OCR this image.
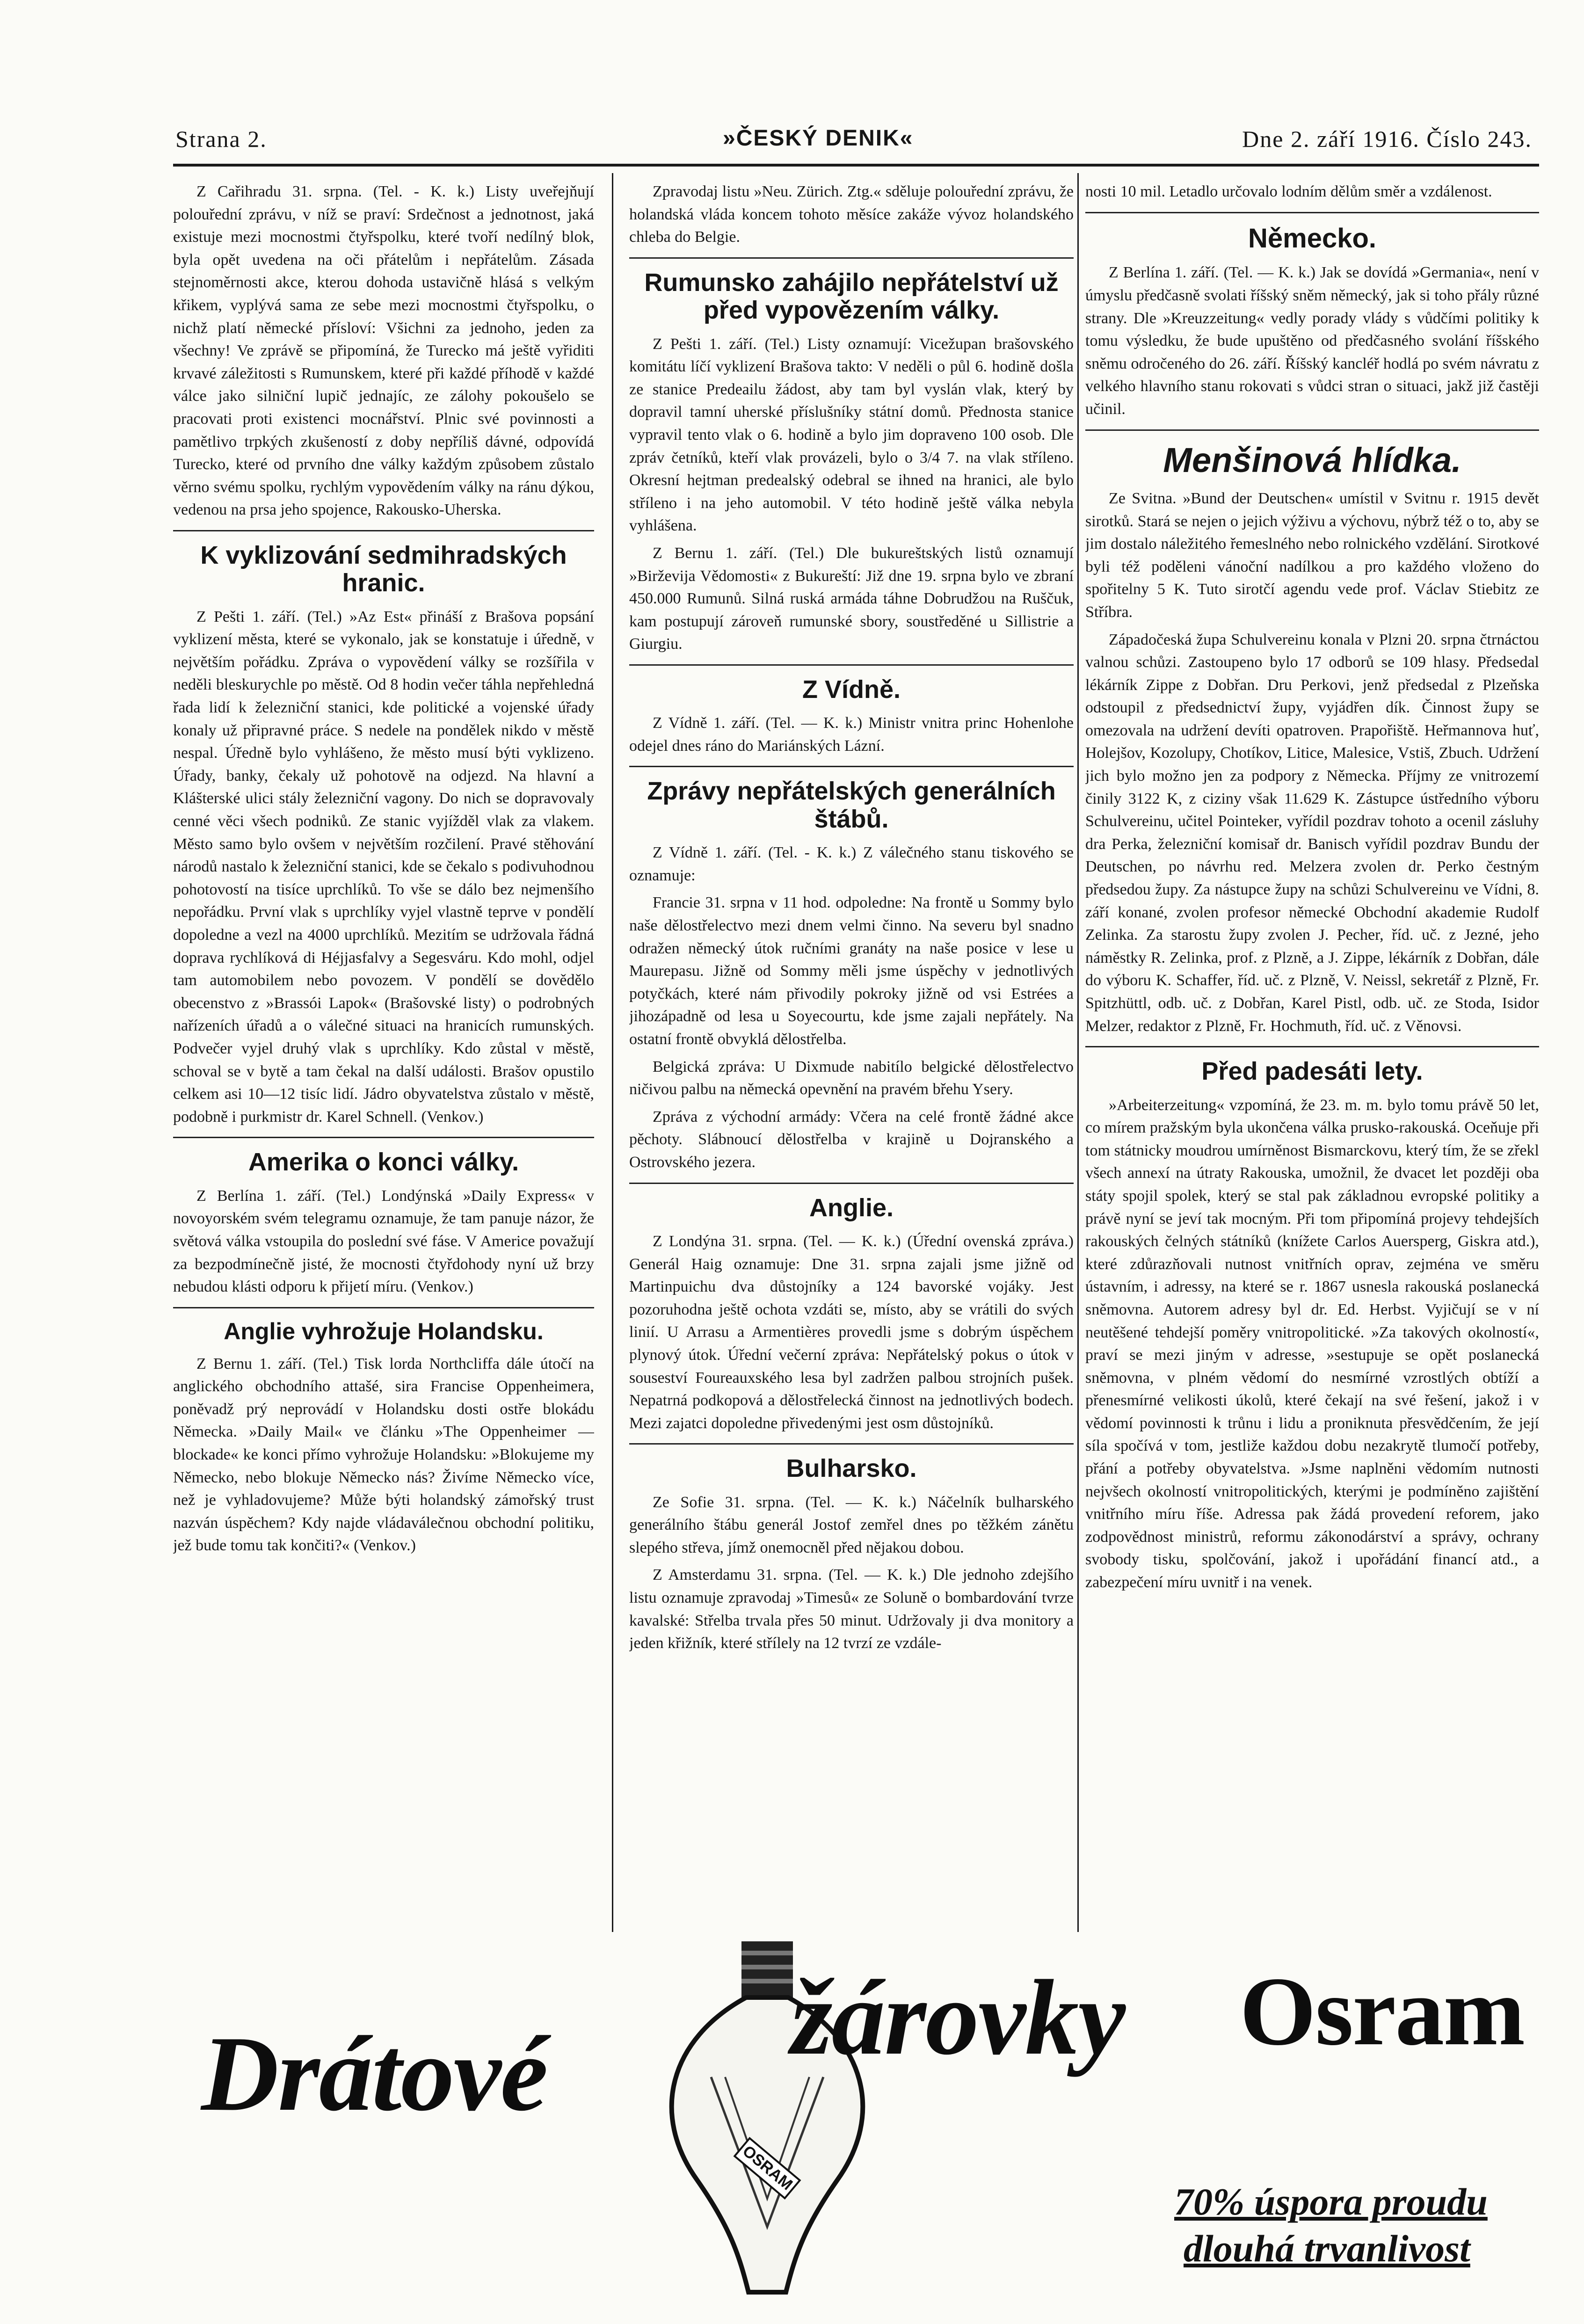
Strana 2.	»ČESKÝ DENIK«	Dne 2. září 1916. Číslo 243.

Z Cařihradu 31. srpna. (Tel. - K. k.) Listy uveřejňují polouřední zprávu, v níž se praví: Srdečnost a jednotnost, jaká existuje mezi mocnostmi čtyřspolku, které tvoří nedílný blok, byla opět uvedena na oči přátelům i nepřátelům. Zásada stejnoměrnosti akce, kterou dohoda ustavičně hlásá s velkým křikem, vyplývá sama ze sebe mezi mocnostmi čtyřspolku, o nichž platí německé přísloví: Všichni za jednoho, jeden za všechny! Ve zprávě se připomíná, že Turecko má ještě vyřiditi krvavé záležitosti s Rumunskem, které při každé příhodě v každé válce jako silniční lupič jednajíc, ze zálohy pokoušelo se pracovati proti existenci mocnářství. Plnic své povinnosti a pamětlivo trpkých zkušeností z doby nepříliš dávné, odpovídá Turecko, které od prvního dne války každým způsobem zůstalo věrno svému spolku, rychlým vypovědením války na ránu dýkou, vedenou na prsa jeho spojence, Rakousko-Uherska.

K vyklizování sedmihradských hranic.

Z Pešti 1. září. (Tel.) »Az Est« přináší z Brašova popsání vyklizení města, které se vykonalo, jak se konstatuje i úředně, v největším pořádku. Zpráva o vypovědení války se rozšířila v neděli bleskurychle po městě. Od 8 hodin večer táhla nepřehledná řada lidí k železniční stanici, kde politické a vojenské úřady konaly už připravné práce. S nedele na pondělek nikdo v městě nespal. Úředně bylo vyhlášeno, že město musí býti vyklizeno. Úřady, banky, čekaly už pohotově na odjezd. Na hlavní a Klášterské ulici stály železniční vagony. Do nich se dopravovaly cenné věci všech podniků. Ze stanic vyjížděl vlak za vlakem. Město samo bylo ovšem v největším rozčilení. Pravé stěhování národů nastalo k železniční stanici, kde se čekalo s podivuhodnou pohotovostí na tisíce uprchlíků. To vše se dálo bez nejmenšího nepořádku. První vlak s uprchlíky vyjel vlastně teprve v pondělí dopoledne a vezl na 4000 uprchlíků. Mezitím se udržovala řádná doprava rychlíková di Héjjasfalvy a Segesváru. Kdo mohl, odjel tam automobilem nebo povozem. V pondělí se dovědělo obecenstvo z »Brassói Lapok« (Brašovské listy) o podrobných nařízeních úřadů a o válečné situaci na hranicích rumunských. Podvečer vyjel druhý vlak s uprchlíky. Kdo zůstal v městě, schoval se v bytě a tam čekal na další události. Brašov opustilo celkem asi 10—12 tisíc lidí. Jádro obyvatelstva zůstalo v městě, podobně i purkmistr dr. Karel Schnell. (Venkov.)

Amerika o konci války.

Z Berlína 1. září. (Tel.) Londýnská »Daily Express« v novoyorském svém telegramu oznamuje, že tam panuje názor, že světová válka vstoupila do poslední své fáse. V Americe považují za bezpodmínečně jisté, že mocnosti čtyřdohody nyní už brzy nebudou klásti odporu k přijetí míru. (Venkov.)

Anglie vyhrožuje Holandsku.

Z Bernu 1. září. (Tel.) Tisk lorda Northcliffa dále útočí na anglického obchodního attašé, sira Francise Oppenheimera, poněvadž prý neprovádí v Holandsku dosti ostře blokádu Německa. »Daily Mail« ve článku »The Oppenheimer — blockade« ke konci přímo vyhrožuje Holandsku: »Blokujeme my Německo, nebo blokuje Německo nás? Živíme Německo více, než je vyhladovujeme? Může býti holandský zámořský trust nazván úspěchem? Kdy najde vládaválečnou obchodní politiku, jež bude tomu tak končiti?« (Venkov.)

Zpravodaj listu »Neu. Zürich. Ztg.« sděluje polouřední zprávu, že holandská vláda koncem tohoto měsíce zakáže vývoz holandského chleba do Belgie.

Rumunsko zahájilo nepřátelství už před vypovězením války.

Z Pešti 1. září. (Tel.) Listy oznamují: Vicežupan brašovského komitátu líčí vyklizení Brašova takto: V neděli o půl 6. hodině došla ze stanice Predeailu žádost, aby tam byl vyslán vlak, který by dopravil tamní uherské příslušníky státní domů. Přednosta stanice vypravil tento vlak o 6. hodině a bylo jim dopraveno 100 osob. Dle zpráv četníků, kteří vlak provázeli, bylo o 3/4 7. na vlak stříleno. Okresní hejtman predealský odebral se ihned na hranici, ale bylo stříleno i na jeho automobil. V této hodině ještě válka nebyla vyhlášena.

Z Bernu 1. září. (Tel.) Dle bukureštských listů oznamují »Birževija Vědomosti« z Bukureští: Již dne 19. srpna bylo ve zbraní 450.000 Rumunů. Silná ruská armáda táhne Dobrudžou na Ruščuk, kam postupují zároveň rumunské sbory, soustředěné u Sillistrie a Giurgiu.

Z Vídně.

Z Vídně 1. září. (Tel. — K. k.) Ministr vnitra princ Hohenlohe odejel dnes ráno do Mariánských Lázní.

Zprávy nepřátelských generálních štábů.

Z Vídně 1. září. (Tel. - K. k.) Z válečného stanu tiskového se oznamuje:

Francie 31. srpna v 11 hod. odpoledne: Na frontě u Sommy bylo naše dělostřelectvo mezi dnem velmi činno. Na severu byl snadno odražen německý útok ručními granáty na naše posice v lese u Maurepasu. Jižně od Sommy měli jsme úspěchy v jednotlivých potyčkách, které nám přivodily pokroky jižně od vsi Estrées a jihozápadně od lesa u Soyecourtu, kde jsme zajali nepřátely. Na ostatní frontě obvyklá dělostřelba.

Belgická zpráva: U Dixmude nabitílo belgické dělostřelectvo ničivou palbu na německá opevnění na pravém břehu Ysery.

Zpráva z východní armády: Včera na celé frontě žádné akce pěchoty. Slábnoucí dělostřelba v krajině u Dojranského a Ostrovského jezera.

Anglie.

Z Londýna 31. srpna. (Tel. — K. k.) (Úřední ovenská zpráva.) Generál Haig oznamuje: Dne 31. srpna zajali jsme jižně od Martinpuichu dva důstojníky a 124 bavorské vojáky. Jest pozoruhodna ještě ochota vzdáti se, místo, aby se vrátili do svých linií. U Arrasu a Armentières provedli jsme s dobrým úspěchem plynový útok. Úřední večerní zpráva: Nepřátelský pokus o útok v souseství Foureauxského lesa byl zadržen palbou strojních pušek. Nepatrná podkopová a dělostřelecká činnost na jednotlivých bodech. Mezi zajatci dopoledne přivedenými jest osm důstojníků.

Bulharsko.

Ze Sofie 31. srpna. (Tel. — K. k.) Náčelník bulharského generálního štábu generál Jostof zemřel dnes po těžkém zánětu slepého střeva, jímž onemocněl před nějakou dobou.

Z Amsterdamu 31. srpna. (Tel. — K. k.) Dle jednoho zdejšího listu oznamuje zpravodaj »Timesů« ze Soluně o bombardování tvrze kavalské: Střelba trvala přes 50 minut. Udržovaly ji dva monitory a jeden křižník, které střílely na 12 tvrzí ze vzdále-

nosti 10 mil. Letadlo určovalo lodním dělům směr a vzdálenost.

Německo.

Z Berlína 1. září. (Tel. — K. k.) Jak se dovídá »Germania«, není v úmyslu předčasně svolati říšský sněm německý, jak si toho přály různé strany. Dle »Kreuzzeitung« vedly porady vlády s vůdčími politiky k tomu výsledku, že bude upuštěno od předčasného svolání říšského sněmu odročeného do 26. září. Říšský kancléř hodlá po svém návratu z velkého hlavního stanu rokovati s vůdci stran o situaci, jakž již častěji učinil.

Menšinová hlídka.

Ze Svitna. »Bund der Deutschen« umístil v Svitnu r. 1915 devět sirotků. Stará se nejen o jejich výživu a výchovu, nýbrž též o to, aby se jim dostalo náležitého řemeslného nebo rolnického vzdělání. Sirotkové byli též poděleni vánoční nadílkou a pro každého vloženo do spořitelny 5 K. Tuto sirotčí agendu vede prof. Václav Stiebitz ze Stříbra.

Západočeská župa Schulvereinu konala v Plzni 20. srpna čtrnáctou valnou schůzi. Zastoupeno bylo 17 odborů se 109 hlasy. Předsedal lékárník Zippe z Dobřan. Dru Perkovi, jenž předsedal z Plzeňska odstoupil z předsednictví župy, vyjádřen dík. Činnost župy se omezovala na udržení devíti opatroven. Prapořiště. Heřmannova huť, Holejšov, Kozolupy, Chotíkov, Litice, Malesice, Vstiš, Zbuch. Udržení jich bylo možno jen za podpory z Německa. Příjmy ze vnitrozemí činily 3122 K, z ciziny však 11.629 K. Zástupce ústředního výboru Schulvereinu, učitel Pointeker, vyřídil pozdrav tohoto a ocenil zásluhy dra Perka, železniční komisař dr. Banisch vyřídil pozdrav Bundu der Deutschen, po návrhu red. Melzera zvolen dr. Perko čestným předsedou župy. Za nástupce župy na schůzi Schulvereinu ve Vídni, 8. září konané, zvolen profesor německé Obchodní akademie Rudolf Zelinka. Za starostu župy zvolen J. Pecher, říd. uč. z Jezné, jeho náměstky R. Zelinka, prof. z Plzně, a J. Zippe, lékárník z Dobřan, dále do výboru K. Schaffer, říd. uč. z Plzně, V. Neissl, sekretář z Plzně, Fr. Spitzhüttl, odb. uč. z Dobřan, Karel Pistl, odb. uč. ze Stoda, Isidor Melzer, redaktor z Plzně, Fr. Hochmuth, říd. uč. z Věnovsi.

Před padesáti lety.

»Arbeiterzeitung« vzpomíná, že 23. m. m. bylo tomu právě 50 let, co mírem pražským byla ukončena válka prusko-rakouská. Oceňuje při tom státnicky moudrou umírněnost Bismarckovu, který tím, že se zřekl všech annexí na útraty Rakouska, umožnil, že dvacet let později oba státy spojil spolek, který se stal pak základnou evropské politiky a právě nyní se jeví tak mocným. Při tom připomíná projevy tehdejších rakouských čelných státníků (knížete Carlos Auersperg, Giskra atd.), které zdůrazňovali nutnost vnitřních oprav, zejména ve směru ústavním, i adressy, na které se r. 1867 usnesla rakouská poslanecká sněmovna. Autorem adresy byl dr. Ed. Herbst. Vyjičují se v ní neutěšené tehdejší poměry vnitropolitické. »Za takových okolností«, praví se mezi jiným v adresse, »sestupuje se opět poslanecká sněmovna, v plném vědomí do nesmírné vzrostlých obtíží a přenesmírné velikosti úkolů, které čekají na své řešení, jakož i v vědomí povinnosti k trůnu i lidu a proniknuta přesvědčením, že její síla spočívá v tom, jestliže každou dobu nezakrytě tlumočí potřeby, přání a potřeby obyvatelstva. »Jsme naplněni vědomím nutnosti nejvšech okolností vnitropolitických, kterými je podmíněno zajištění vnitřního míru říše. Adressa pak žádá provedení reforem, jako zodpovědnost ministrů, reformu zákonodárství a správy, ochrany svobody tisku, spolčování, jakož i upořádání financí atd., a zabezpečení míru uvnitř i na venek.

Drátové
OSRAM
žárovky Osram
70% úspora proudu
dlouhá trvanlivost
